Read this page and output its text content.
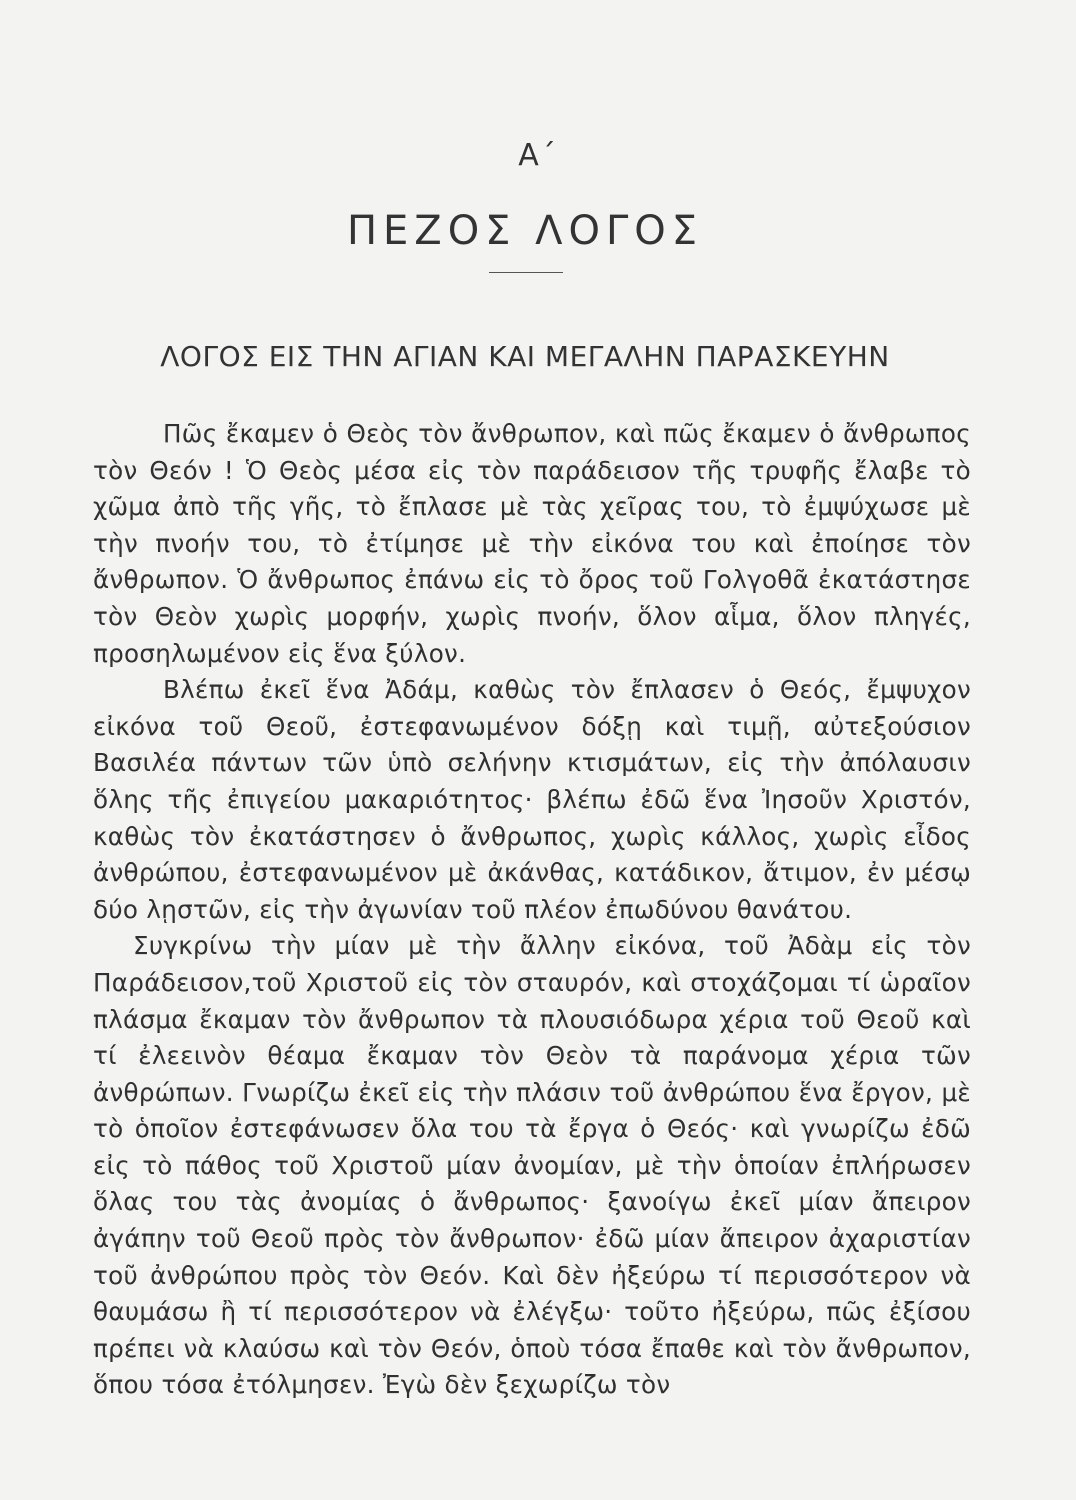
Α΄
ΠΕΖΟΣ ΛΟΓΟΣ
ΛΟΓΟΣ ΕΙΣ ΤΗΝ ΑΓΙΑΝ ΚΑΙ ΜΕΓΑΛΗΝ ΠΑΡΑΣΚΕΥΗΝ

Πῶς ἔκαμεν ὁ Θεὸς τὸν ἄνθρωπον, καὶ πῶς ἔκαμεν ὁ ἄνθρωπος τὸν Θεόν ! Ὁ Θεὸς μέσα εἰς τὸν παράδεισον τῆς τρυφῆς ἔλαβε τὸ χῶμα ἀπὸ τῆς γῆς, τὸ ἔπλασε μὲ τὰς χεῖρας του, τὸ ἐμψύχωσε μὲ τὴν πνοήν του, τὸ ἐτίμησε μὲ τὴν εἰκόνα του καὶ ἐποίησε τὸν ἄνθρωπον. Ὁ ἄνθρωπος ἐπάνω εἰς τὸ ὄρος τοῦ Γολγοθᾶ ἐκατάστησε τὸν Θεὸν χωρὶς μορφήν, χωρὶς πνοήν, ὅλον αἷμα, ὅλον πληγές, προσηλωμένον εἰς ἕνα ξύλον.

Βλέπω ἐκεῖ ἕνα Ἀδάμ, καθὼς τὸν ἔπλασεν ὁ Θεός, ἔμψυχον εἰκόνα τοῦ Θεοῦ, ἐστεφανωμένον δόξῃ καὶ τιμῇ, αὐτεξούσιον Βασιλέα πάντων τῶν ὑπὸ σελήνην κτισμάτων, εἰς τὴν ἀπόλαυσιν ὅλης τῆς ἐπιγείου μακαριότητος· βλέπω ἐδῶ ἕνα Ἰησοῦν Χριστόν, καθὼς τὸν ἐκατάστησεν ὁ ἄνθρωπος, χωρὶς κάλλος, χωρὶς εἶδος ἀνθρώπου, ἐστεφανωμένον μὲ ἀκάνθας, κατάδικον, ἄτιμον, ἐν μέσῳ δύο λῃστῶν, εἰς τὴν ἀγωνίαν τοῦ πλέον ἐπωδύνου θανάτου.

Συγκρίνω τὴν μίαν μὲ τὴν ἄλλην εἰκόνα, τοῦ Ἀδὰμ εἰς τὸν Παράδεισον,τοῦ Χριστοῦ εἰς τὸν σταυρόν, καὶ στοχάζομαι τί ὡραῖον πλάσμα ἔκαμαν τὸν ἄνθρωπον τὰ πλουσιόδωρα χέρια τοῦ Θεοῦ καὶ τί ἐλεεινὸν θέαμα ἔκαμαν τὸν Θεὸν τὰ παράνομα χέρια τῶν ἀνθρώπων. Γνωρίζω ἐκεῖ εἰς τὴν πλάσιν τοῦ ἀνθρώπου ἕνα ἔργον, μὲ τὸ ὁποῖον ἐστεφάνωσεν ὅλα του τὰ ἔργα ὁ Θεός· καὶ γνωρίζω ἐδῶ εἰς τὸ πάθος τοῦ Χριστοῦ μίαν ἀνομίαν, μὲ τὴν ὁποίαν ἐπλήρωσεν ὅλας του τὰς ἀνομίας ὁ ἄνθρωπος· ξανοίγω ἐκεῖ μίαν ἄπειρον ἀγάπην τοῦ Θεοῦ πρὸς τὸν ἄνθρωπον· ἐδῶ μίαν ἄπειρον ἀχαριστίαν τοῦ ἀνθρώπου πρὸς τὸν Θεόν. Καὶ δὲν ἠξεύρω τί περισσότερον νὰ θαυμάσω ἢ τί περισσότερον νὰ ἐλέγξω· τοῦτο ἠξεύρω, πῶς ἐξίσου πρέπει νὰ κλαύσω καὶ τὸν Θεόν, ὁποὺ τόσα ἔπαθε καὶ τὸν ἄνθρωπον, ὅπου τόσα ἐτόλμησεν. Ἐγὼ δὲν ξεχωρίζω τὸν
